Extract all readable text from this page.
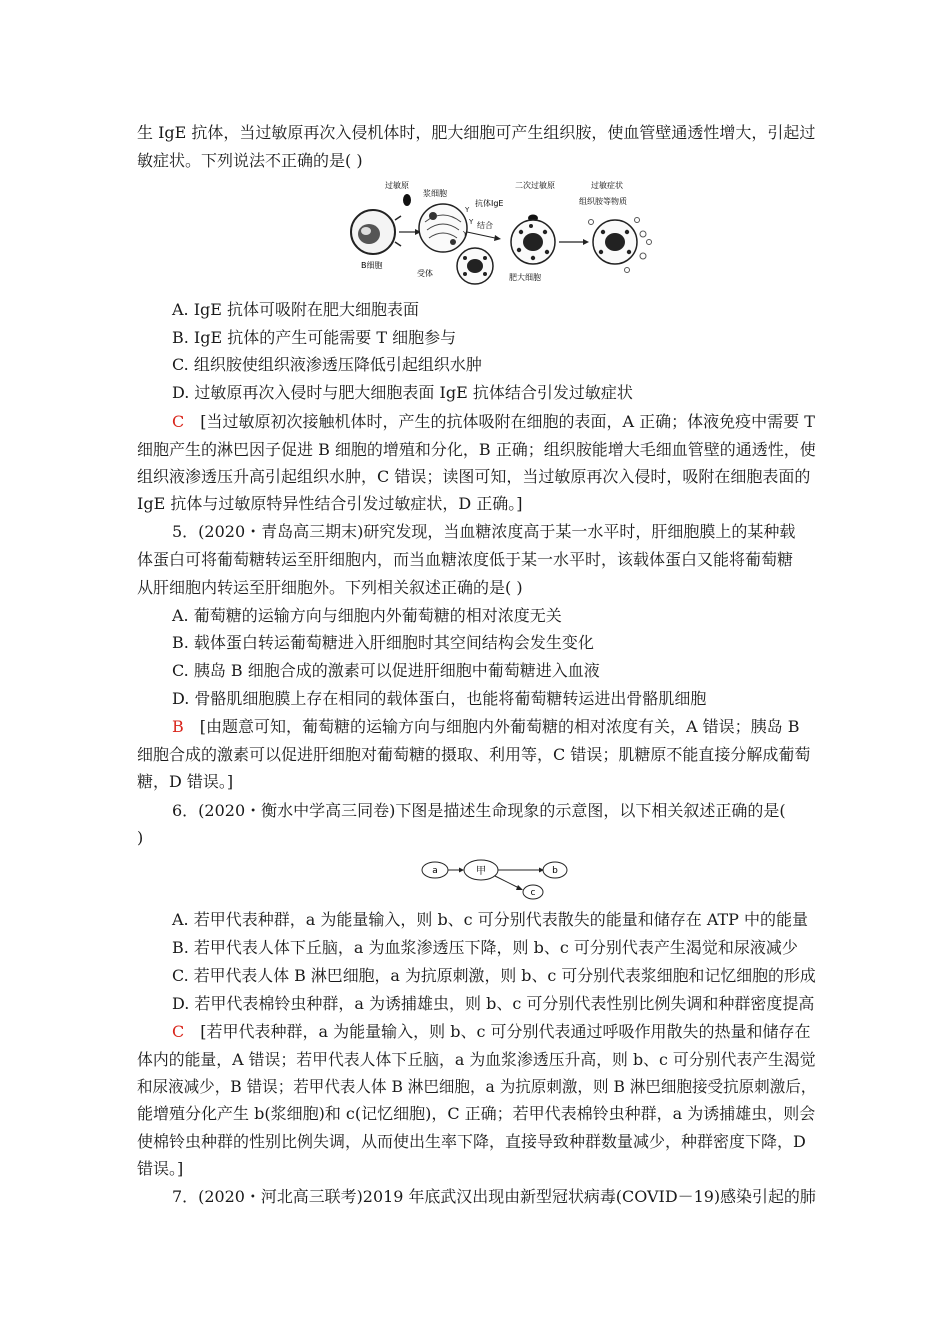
生 IgE 抗体，当过敏原再次入侵机体时，肥大细胞可产生组织胺，使血管壁通透性增大，引起过
敏症状。下列说法不正确的是( )
过敏原
B细胞
浆细胞
Y
Y
Y
抗体IgE
结合
二次过敏原
受体	肥大细胞
过敏症状
组织胺等物质
A. IgE 抗体可吸附在肥大细胞表面
B. IgE 抗体的产生可能需要 T 细胞参与
C. 组织胺使组织液渗透压降低引起组织水肿
D. 过敏原再次入侵时与肥大细胞表面 IgE 抗体结合引发过敏症状
C [当过敏原初次接触机体时，产生的抗体吸附在细胞的表面，A 正确；体液免疫中需要 T
细胞产生的淋巴因子促进 B 细胞的增殖和分化，B 正确；组织胺能增大毛细血管壁的通透性，使
组织液渗透压升高引起组织水肿，C 错误；读图可知，当过敏原再次入侵时，吸附在细胞表面的
IgE 抗体与过敏原特异性结合引发过敏症状，D 正确。]
5．(2020・青岛高三期末)研究发现，当血糖浓度高于某一水平时，肝细胞膜上的某种载
体蛋白可将葡萄糖转运至肝细胞内，而当血糖浓度低于某一水平时，该载体蛋白又能将葡萄糖
从肝细胞内转运至肝细胞外。下列相关叙述正确的是( )
A. 葡萄糖的运输方向与细胞内外葡萄糖的相对浓度无关
B. 载体蛋白转运葡萄糖进入肝细胞时其空间结构会发生变化
C. 胰岛 B 细胞合成的激素可以促进肝细胞中葡萄糖进入血液
D. 骨骼肌细胞膜上存在相同的载体蛋白，也能将葡萄糖转运进出骨骼肌细胞
B [由题意可知，葡萄糖的运输方向与细胞内外葡萄糖的相对浓度有关，A 错误；胰岛 B
细胞合成的激素可以促进肝细胞对葡萄糖的摄取、利用等，C 错误；肌糖原不能直接分解成葡萄
糖，D 错误。]
6．(2020・衡水中学高三同卷)下图是描述生命现象的示意图，以下相关叙述正确的是(
)
a	甲	b
c
A. 若甲代表种群，a 为能量输入，则 b、c 可分别代表散失的能量和储存在 ATP 中的能量
B. 若甲代表人体下丘脑，a 为血浆渗透压下降，则 b、c 可分别代表产生渴觉和尿液减少
C. 若甲代表人体 B 淋巴细胞，a 为抗原刺激，则 b、c 可分别代表浆细胞和记忆细胞的形成
D. 若甲代表棉铃虫种群，a 为诱捕雄虫，则 b、c 可分别代表性别比例失调和种群密度提高
C [若甲代表种群，a 为能量输入，则 b、c 可分别代表通过呼吸作用散失的热量和储存在
体内的能量，A 错误；若甲代表人体下丘脑，a 为血浆渗透压升高，则 b、c 可分别代表产生渴觉
和尿液减少，B 错误；若甲代表人体 B 淋巴细胞，a 为抗原刺激，则 B 淋巴细胞接受抗原刺激后，
能增殖分化产生 b(浆细胞)和 c(记忆细胞)，C 正确；若甲代表棉铃虫种群，a 为诱捕雄虫，则会
使棉铃虫种群的性别比例失调，从而使出生率下降，直接导致种群数量减少，种群密度下降，D
错误。]
7．(2020・河北高三联考)2019 年底武汉出现由新型冠状病毒(COVID－19)感染引起的肺
